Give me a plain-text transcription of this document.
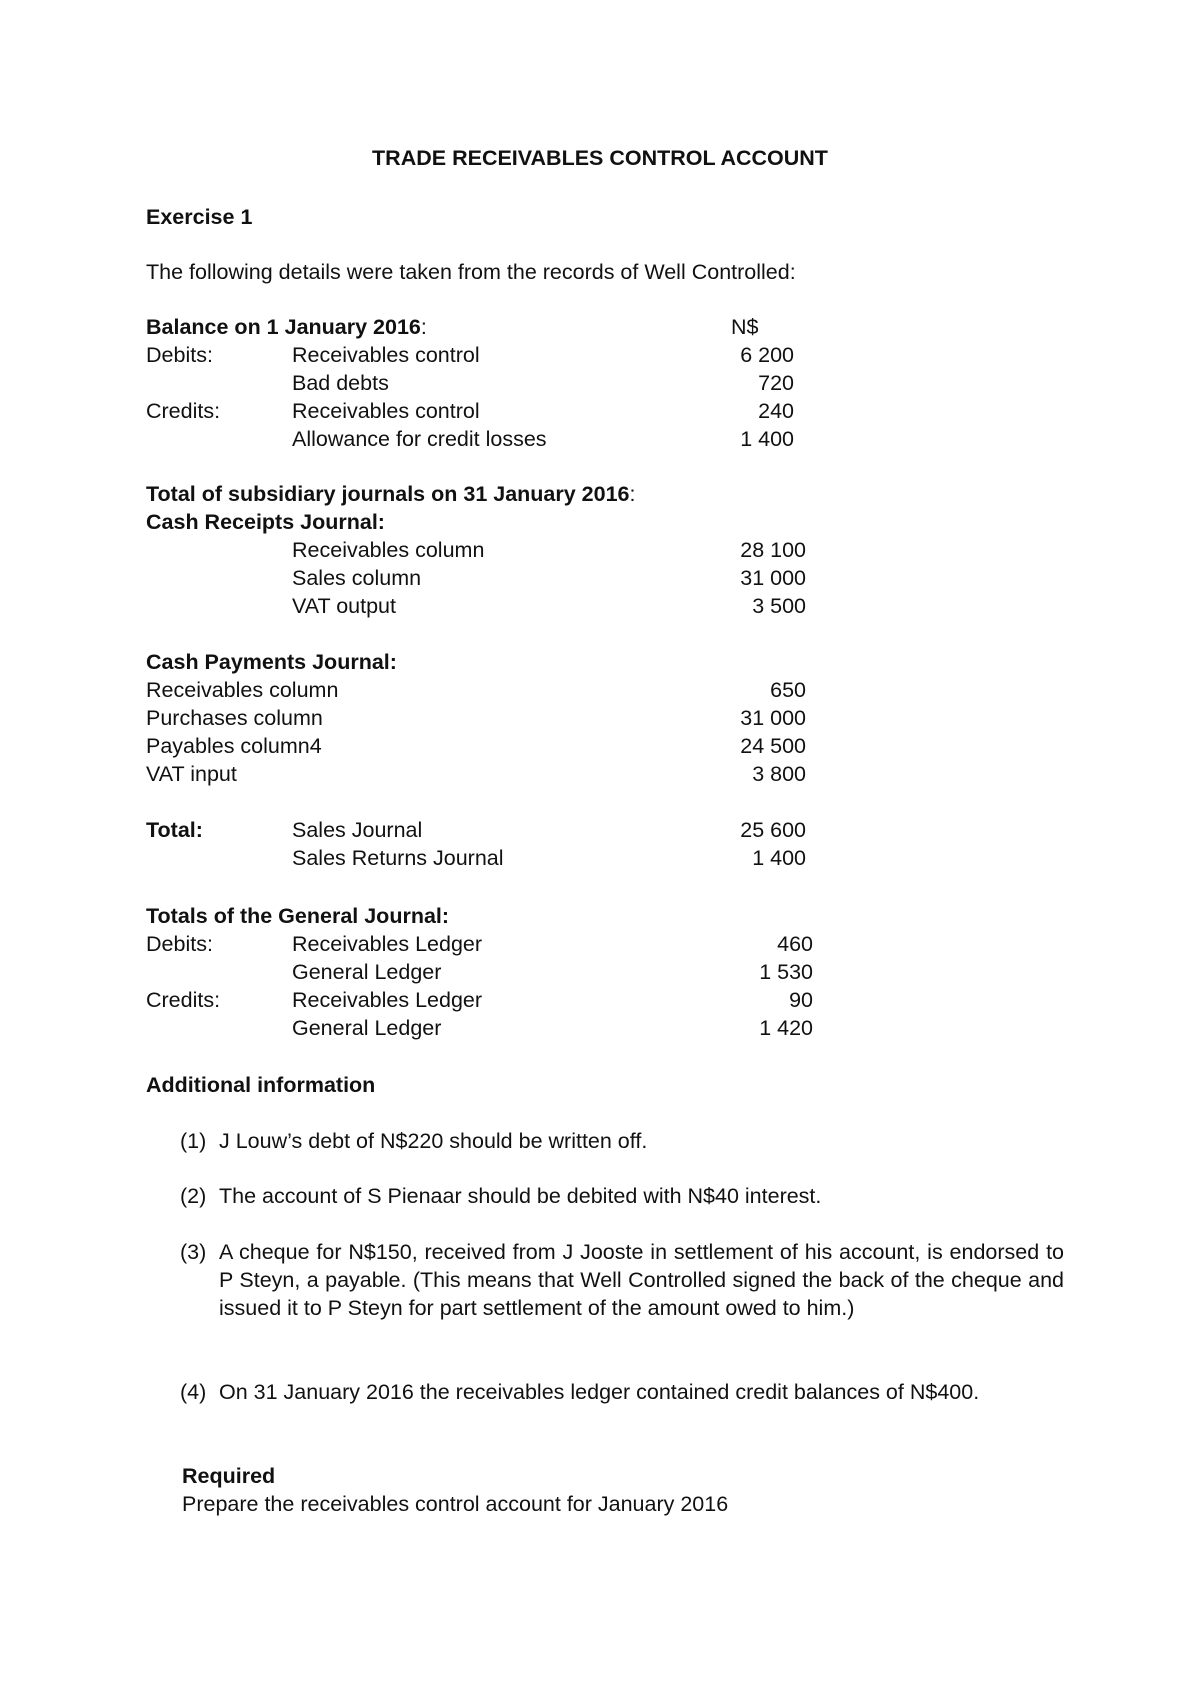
TRADE RECEIVABLES CONTROL ACCOUNT
Exercise 1
The following details were taken from the records of Well Controlled:
Balance on 1 January 2016:	N$
Debits:	Receivables control	6 200
Bad debts	720
Credits:	Receivables control	240
Allowance for credit losses	1 400
Total of subsidiary journals on 31 January 2016:
Cash Receipts Journal:
Receivables column	28 100
Sales column	31 000
VAT output	3 500
Cash Payments Journal:
Receivables column	650
Purchases column	31 000
Payables column4	24 500
VAT input	3 800
Total:	Sales Journal	25 600
Sales Returns Journal	1 400
Totals of the General Journal:
Debits:	Receivables Ledger	460
General Ledger	1 530
Credits:	Receivables Ledger	90
General Ledger	1 420
Additional information
(1) J Louw’s debt of N$220 should be written off.
(2) The account of S Pienaar should be debited with N$40 interest.
(3) A cheque for N$150, received from J Jooste in settlement of his account, is endorsed to P Steyn, a payable. (This means that Well Controlled signed the back of the cheque and issued it to P Steyn for part settlement of the amount owed to him.)
(4) On 31 January 2016 the receivables ledger contained credit balances of N$400.
Required
Prepare the receivables control account for January 2016
